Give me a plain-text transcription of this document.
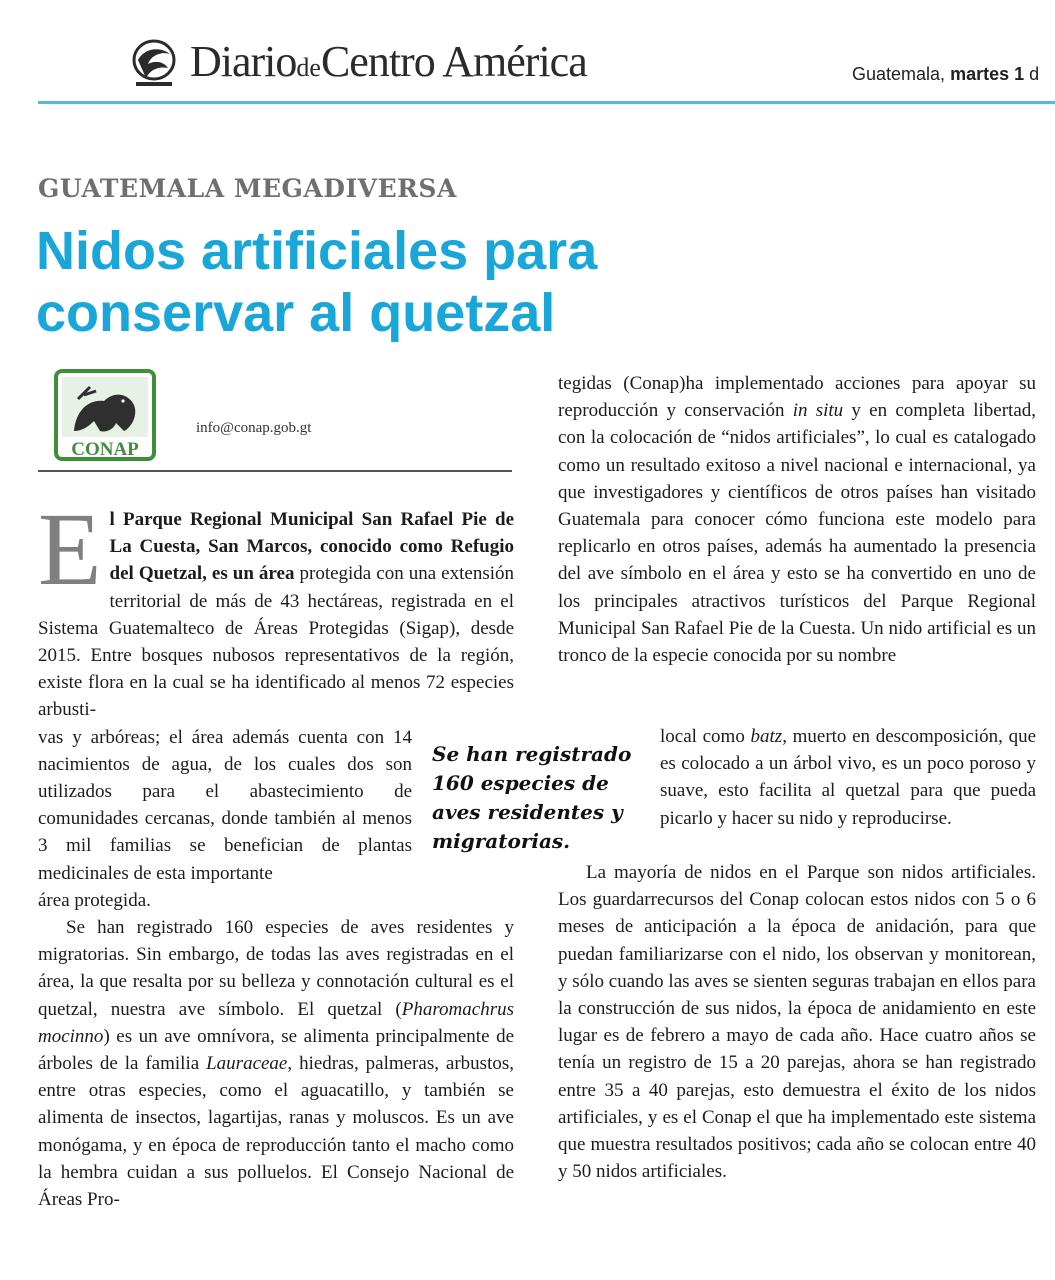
DiariodeCentro América	Guatemala, martes 1 d
GUATEMALA MEGADIVERSA
Nidos artificiales para conservar al quetzal
CONAP
info@conap.gob.gt

El Parque Regional Municipal San Rafael Pie de La Cuesta, San Marcos, conocido como Refugio del Quetzal, es un área protegida con una extensión territorial de más de 43 hectáreas, registrada en el Sistema Guatemalteco de Áreas Protegidas (Sigap), desde 2015. Entre bosques nubosos representativos de la región, existe flora en la cual se ha identificado al menos 72 especies arbusti-

vas y arbóreas; el área además cuenta con 14 nacimientos de agua, de los cuales dos son utilizados para el abastecimiento de comunidades cercanas, donde también al menos 3 mil familias se benefician de plantas medicinales de esta importante

área protegida.

Se han registrado 160 especies de aves residentes y migratorias. Sin embargo, de todas las aves registradas en el área, la que resalta por su belleza y connotación cultural es el quetzal, nuestra ave símbolo. El quetzal (Pharomachrus mocinno) es un ave omnívora, se alimenta principalmente de árboles de la familia Lauraceae, hiedras, palmeras, arbustos, entre otras especies, como el aguacatillo, y también se alimenta de insectos, lagartijas, ranas y moluscos. Es un ave monógama, y en época de reproducción tanto el macho como la hembra cuidan a sus polluelos. El Consejo Nacional de Áreas Pro-

tegidas (Conap)ha implementado acciones para apoyar su reproducción y conservación in situ y en completa libertad, con la colocación de “nidos artificiales”, lo cual es catalogado como un resultado exitoso a nivel nacional e internacional, ya que investigadores y científicos de otros países han visitado Guatemala para conocer cómo funciona este modelo para replicarlo en otros países, además ha aumentado la presencia del ave símbolo en el área y esto se ha convertido en uno de los principales atractivos turísticos del Parque Regional Municipal San Rafael Pie de la Cuesta. Un nido artificial es un tronco de la especie conocida por su nombre

local como batz, muerto en descomposición, que es colocado a un árbol vivo, es un poco poroso y suave, esto facilita al quetzal para que pueda picarlo y hacer su nido y reproducirse.

La mayoría de nidos en el Parque son nidos artificiales. Los guardarrecursos del Conap colocan estos nidos con 5 o 6 meses de anticipación a la época de anidación, para que puedan familiarizarse con el nido, los observan y monitorean, y sólo cuando las aves se sienten seguras trabajan en ellos para la construcción de sus nidos, la época de anidamiento en este lugar es de febrero a mayo de cada año. Hace cuatro años se tenía un registro de 15 a 20 parejas, ahora se han registrado entre 35 a 40 parejas, esto demuestra el éxito de los nidos artificiales, y es el Conap el que ha implementado este sistema que muestra resultados positivos; cada año se colocan entre 40 y 50 nidos artificiales.

Se han registrado 160 especies de aves residentes y migratorias.
